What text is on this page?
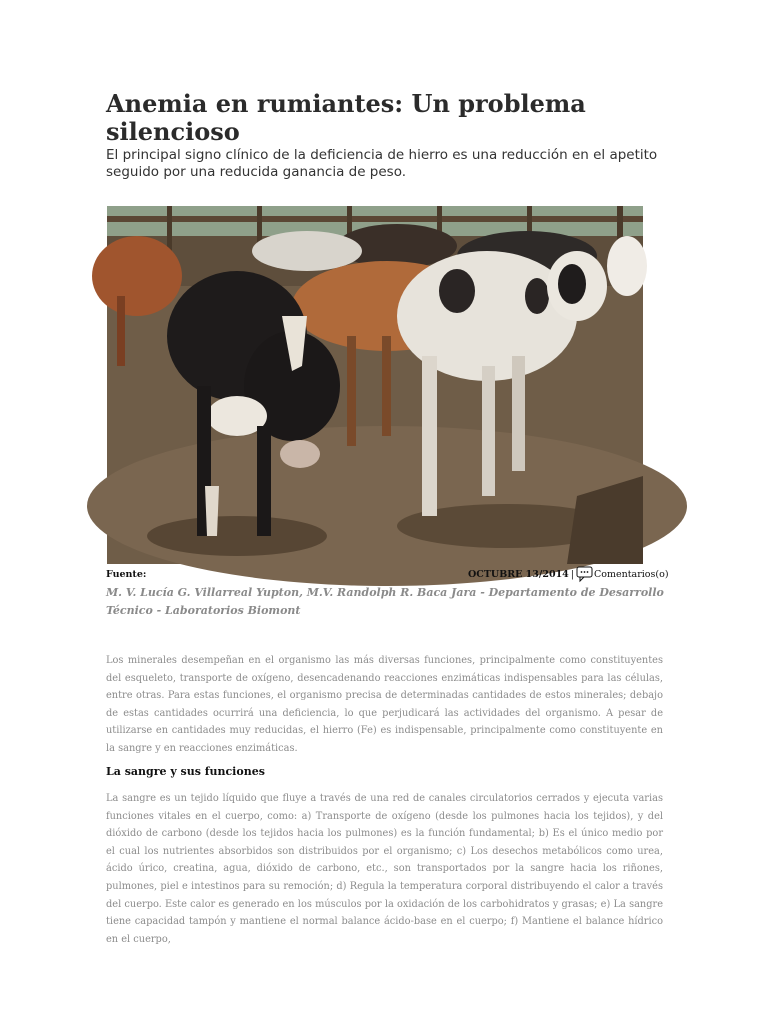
Anemia en rumiantes: Un problema silencioso

El principal signo clínico de la deficiencia de hierro es una reducción en el apetito seguido por una reducida ganancia de peso.

Fuente:	OCTUBRE 13/2014 | Comentarios(o)

M. V. Lucía G. Villarreal Yupton, M.V. Randolph R. Baca Jara - Departamento de Desarrollo Técnico - Laboratorios Biomont

Los minerales desempeñan en el organismo las más diversas funciones, principalmente como constituyentes del esqueleto, transporte de oxígeno, desencadenando reacciones enzimáticas indispensables para las células, entre otras. Para estas funciones, el organismo precisa de determinadas cantidades de estos minerales; debajo de estas cantidades ocurrirá una deficiencia, lo que perjudicará las actividades del organismo. A pesar de utilizarse en cantidades muy reducidas, el hierro (Fe) es indispensable, principalmente como constituyente en la sangre y en reacciones enzimáticas.

La sangre y sus funciones

La sangre es un tejido líquido que fluye a través de una red de canales circulatorios cerrados y ejecuta varias funciones vitales en el cuerpo, como: a) Transporte de oxígeno (desde los pulmones hacia los tejidos), y del dióxido de carbono (desde los tejidos hacia los pulmones) es la función fundamental; b) Es el único medio por el cual los nutrientes absorbidos son distribuidos por el organismo; c) Los desechos metabólicos como urea, ácido úrico, creatina, agua, dióxido de carbono, etc., son transportados por la sangre hacia los riñones, pulmones, piel e intestinos para su remoción; d) Regula la temperatura corporal distribuyendo el calor a través del cuerpo. Este calor es generado en los músculos por la oxidación de los carbohidratos y grasas; e) La sangre tiene capacidad tampón y mantiene el normal balance ácido-base en el cuerpo; f) Mantiene el balance hídrico en el cuerpo,
